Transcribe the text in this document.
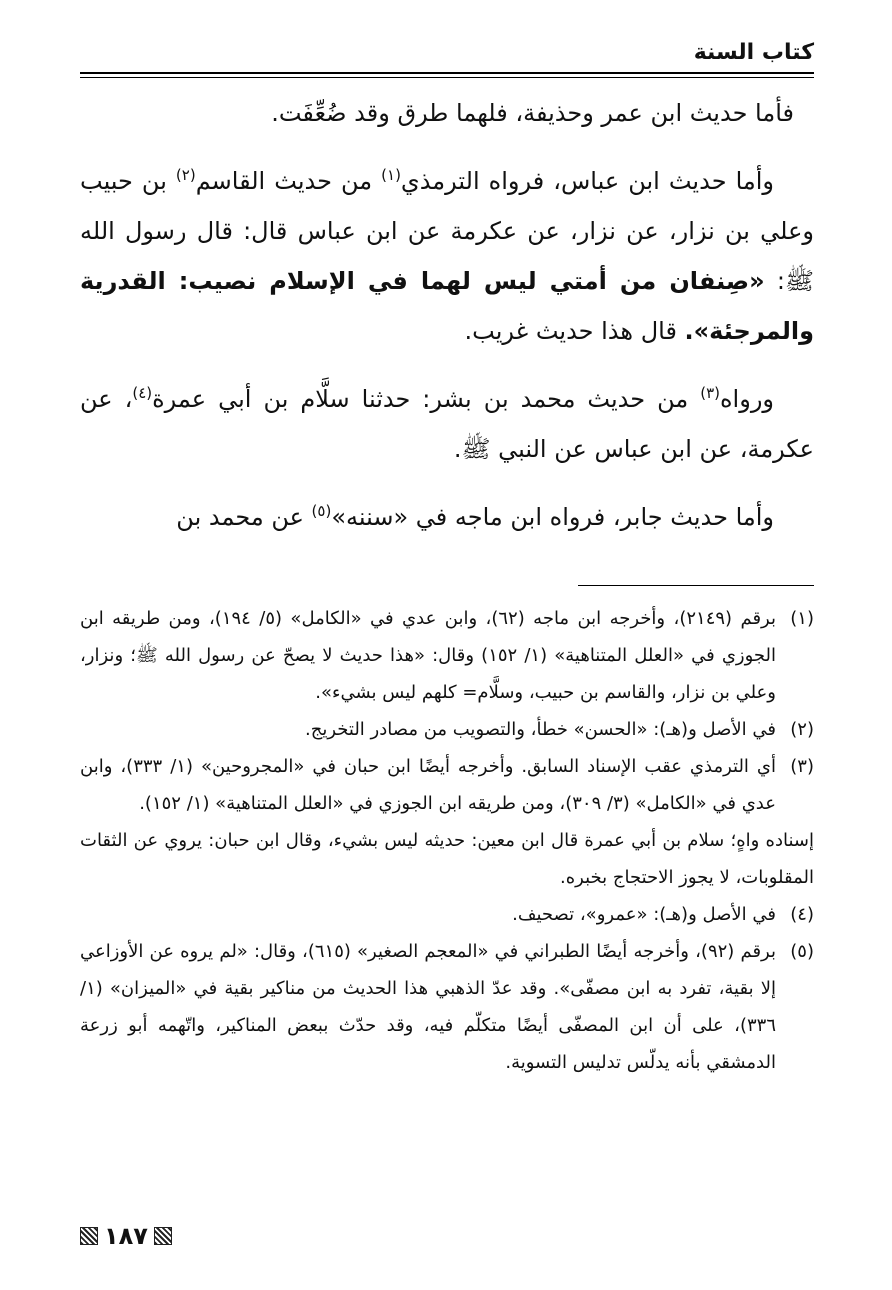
كتاب السنة

فأما حديث ابن عمر وحذيفة، فلهما طرق وقد ضُعِّفَت.

وأما حديث ابن عباس، فرواه الترمذي$^{(١)}$ من حديث القاسم$^{(٢)}$ بن حبيب وعلي بن نزار، عن نزار، عن عكرمة عن ابن عباس قال: قال رسول الله ﷺ: «صِنفان من أمتي ليس لهما في الإسلام نصيب: القدرية والمرجئة». قال هذا حديث غريب.

ورواه$^{(٣)}$ من حديث محمد بن بشر: حدثنا سلَّام بن أبي عمرة$^{(٤)}$، عن عكرمة، عن ابن عباس عن النبي ﷺ.

وأما حديث جابر، فرواه ابن ماجه في «سننه»$^{(٥)}$ عن محمد بن

(١)
برقم (٢١٤٩)، وأخرجه ابن ماجه (٦٢)، وابن عدي في «الكامل» (٥/ ١٩٤)، ومن طريقه ابن الجوزي في «العلل المتناهية» (١/ ١٥٢) وقال: «هذا حديث لا يصحّ عن رسول الله ﷺ؛ ونزار، وعلي بن نزار، والقاسم بن حبيب، وسلَّام= كلهم ليس بشيء».
(٢)
في الأصل و(هـ): «الحسن» خطأ، والتصويب من مصادر التخريج.
(٣)
أي الترمذي عقب الإسناد السابق. وأخرجه أيضًا ابن حبان في «المجروحين» (١/ ٣٣٣)، وابن عدي في «الكامل» (٣/ ٣٠٩)، ومن طريقه ابن الجوزي في «العلل المتناهية» (١/ ١٥٢).
إسناده واهٍ؛ سلام بن أبي عمرة قال ابن معين: حديثه ليس بشيء، وقال ابن حبان: يروي عن الثقات المقلوبات، لا يجوز الاحتجاج بخبره.
(٤)
في الأصل و(هـ): «عمرو»، تصحيف.
(٥)
برقم (٩٢)، وأخرجه أيضًا الطبراني في «المعجم الصغير» (٦١٥)، وقال: «لم يروه عن الأوزاعي إلا بقية، تفرد به ابن مصفّى». وقد عدّ الذهبي هذا الحديث من مناكير بقية في «الميزان» (١/ ٣٣٦)، على أن ابن المصفّى أيضًا متكلّم فيه، وقد حدّث ببعض المناكير، واتّهمه أبو زرعة الدمشقي بأنه يدلّس تدليس التسوية.
١٨٧
